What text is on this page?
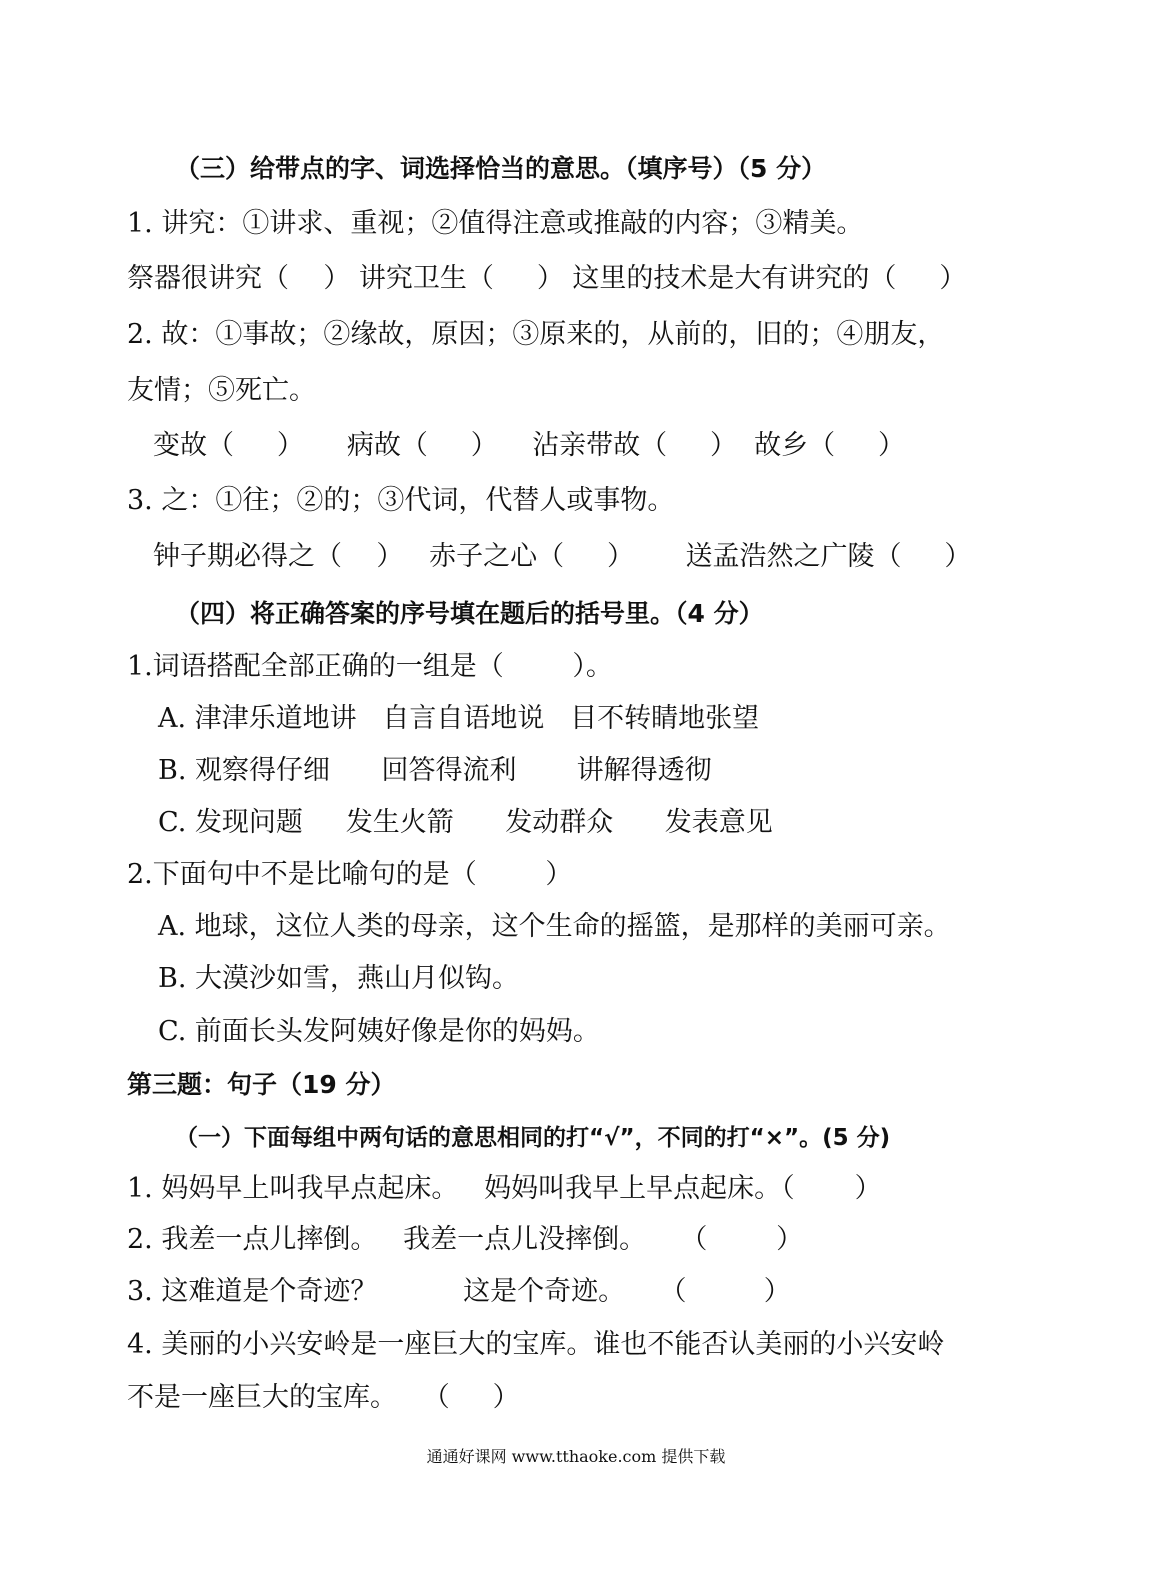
（三）给带点的字、词选择恰当的意思。（填序号）（5 分）
1. 讲究：①讲求、重视；②值得注意或推敲的内容；③精美。
祭器很讲究（    ） 讲究卫生（     ） 这里的技术是大有讲究的（     ）
2. 故：①事故；②缘故，原因；③原来的，从前的，旧的；④朋友，
友情；⑤死亡。
变故（     ）     病故（     ）    沾亲带故（     ）  故乡（     ）
3. 之：①往；②的；③代词，代替人或事物。
钟子期必得之（    ）   赤子之心（     ）      送孟浩然之广陵（     ）
（四）将正确答案的序号填在题后的括号里。（4 分）
1.词语搭配全部正确的一组是（        ）。
A. 津津乐道地讲   自言自语地说   目不转睛地张望
B. 观察得仔细      回答得流利       讲解得透彻
C. 发现问题     发生火箭      发动群众      发表意见
2.下面句中不是比喻句的是（        ）
A. 地球，这位人类的母亲，这个生命的摇篮，是那样的美丽可亲。
B. 大漠沙如雪，燕山月似钩。
C. 前面长头发阿姨好像是你的妈妈。
第三题：句子（19 分）
（一）下面每组中两句话的意思相同的打“√”，不同的打“×”。(5 分)
1. 妈妈早上叫我早点起床。   妈妈叫我早上早点起床。（       ）
2. 我差一点儿摔倒。   我差一点儿没摔倒。    （        ）
3. 这难道是个奇迹？          这是个奇迹。    （         ）
4. 美丽的小兴安岭是一座巨大的宝库。谁也不能否认美丽的小兴安岭
不是一座巨大的宝库。   （     ）
通通好课网 www.tthaoke.com 提供下载
